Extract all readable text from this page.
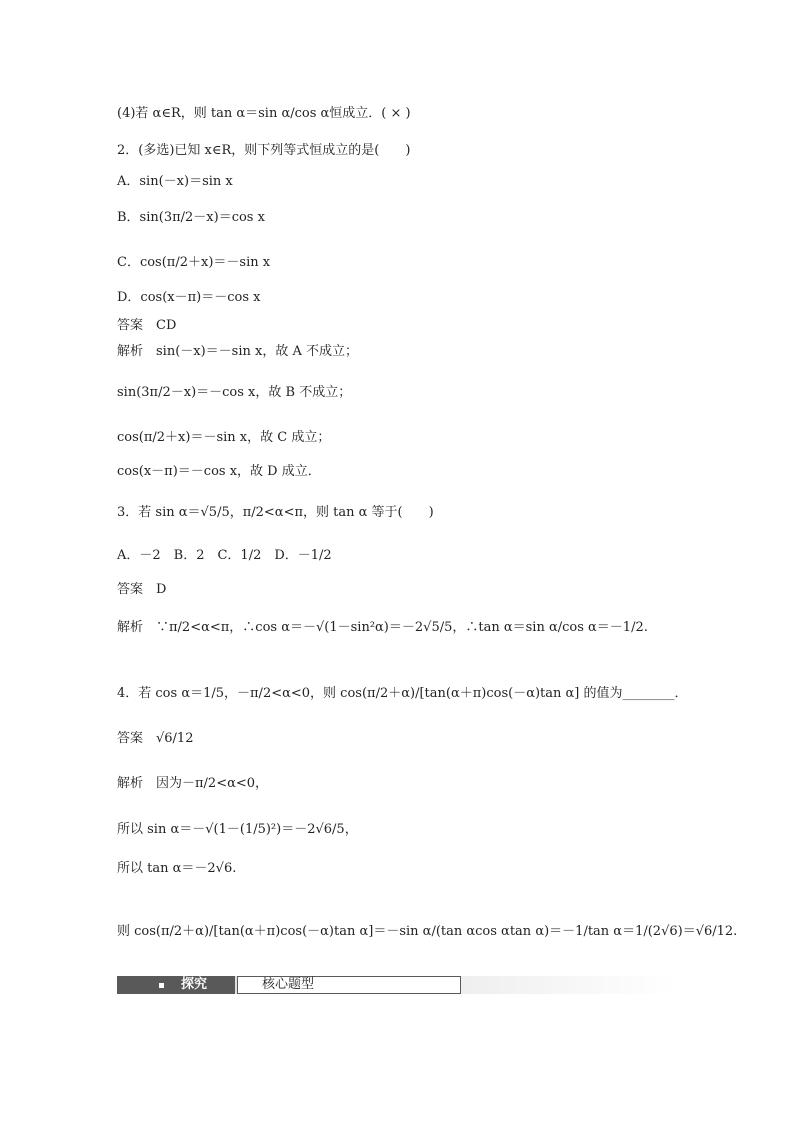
(4)若 α∈R，则 tan α＝sin α/cos α恒成立．( × )
2．(多选)已知 x∈R，则下列等式恒成立的是(　　)
A．sin(－x)＝sin x
B．sin(3π/2－x)＝cos x
C．cos(π/2＋x)＝－sin x
D．cos(x－π)＝－cos x
答案　CD
解析　sin(－x)＝－sin x，故 A 不成立；
sin(3π/2－x)＝－cos x，故 B 不成立；
cos(π/2＋x)＝－sin x，故 C 成立；
cos(x－π)＝－cos x，故 D 成立．
3．若 sin α＝√5/5，π/2<α<π，则 tan α 等于(　　)
A．－2　B．2　C．1/2　D．－1/2
答案　D
解析　∵π/2<α<π，∴cos α＝－√(1－sin²α)＝－2√5/5，∴tan α＝sin α/cos α＝－1/2.
4．若 cos α＝1/5，－π/2<α<0，则 cos(π/2＋α)/[tan(α＋π)cos(－α)tan α] 的值为________．
答案　√6/12
解析　因为－π/2<α<0，
所以 sin α＝－√(1－(1/5)²)＝－2√6/5，
所以 tan α＝－2√6.
则 cos(π/2＋α)/[tan(α＋π)cos(－α)tan α]＝－sin α/(tan αcos αtan α)＝－1/tan α＝1/(2√6)＝√6/12.
探究	核心题型
